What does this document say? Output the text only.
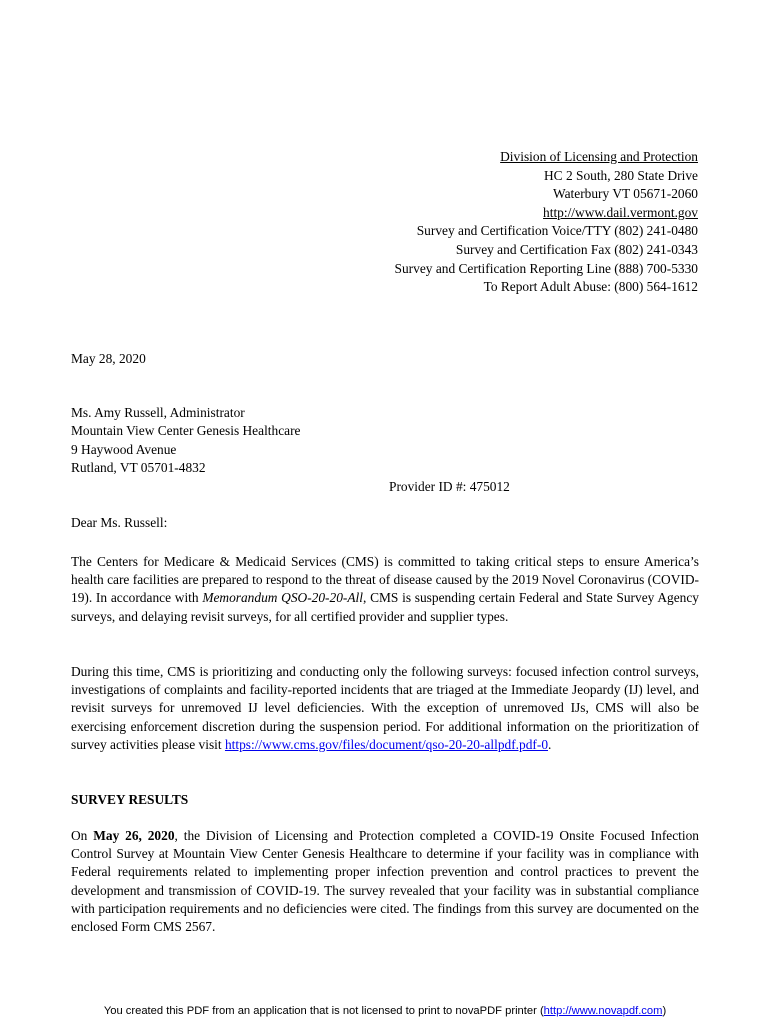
Division of Licensing and Protection
HC 2 South, 280 State Drive
Waterbury VT 05671-2060
http://www.dail.vermont.gov
Survey and Certification Voice/TTY (802) 241-0480
Survey and Certification Fax (802) 241-0343
Survey and Certification Reporting Line (888) 700-5330
To Report Adult Abuse: (800) 564-1612
May 28, 2020
Ms. Amy Russell, Administrator
Mountain View Center Genesis Healthcare
9 Haywood Avenue
Rutland, VT 05701-4832
Provider ID #: 475012
Dear Ms. Russell:
The Centers for Medicare & Medicaid Services (CMS) is committed to taking critical steps to ensure America’s health care facilities are prepared to respond to the threat of disease caused by the 2019 Novel Coronavirus (COVID-19). In accordance with Memorandum QSO-20-20-All, CMS is suspending certain Federal and State Survey Agency surveys, and delaying revisit surveys, for all certified provider and supplier types.
During this time, CMS is prioritizing and conducting only the following surveys: focused infection control surveys, investigations of complaints and facility-reported incidents that are triaged at the Immediate Jeopardy (IJ) level, and revisit surveys for unremoved IJ level deficiencies. With the exception of unremoved IJs, CMS will also be exercising enforcement discretion during the suspension period. For additional information on the prioritization of survey activities please visit https://www.cms.gov/files/document/qso-20-20-allpdf.pdf-0.
SURVEY RESULTS
On May 26, 2020, the Division of Licensing and Protection completed a COVID-19 Onsite Focused Infection Control Survey at Mountain View Center Genesis Healthcare to determine if your facility was in compliance with Federal requirements related to implementing proper infection prevention and control practices to prevent the development and transmission of COVID-19. The survey revealed that your facility was in substantial compliance with participation requirements and no deficiencies were cited. The findings from this survey are documented on the enclosed Form CMS 2567.
You created this PDF from an application that is not licensed to print to novaPDF printer (http://www.novapdf.com)
